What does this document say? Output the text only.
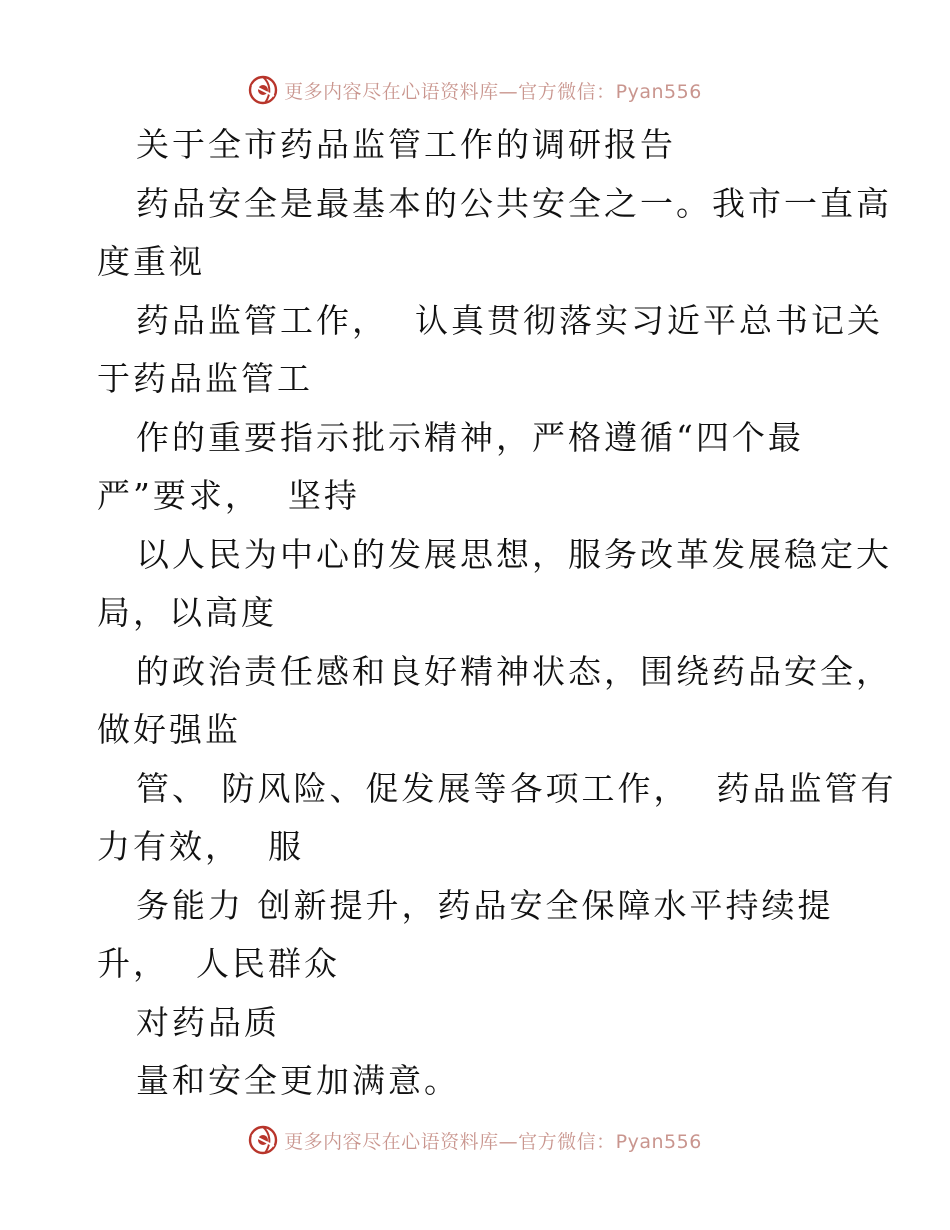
更多内容尽在心语资料库—官方微信：Pyan556
关于全市药品监管工作的调研报告
药品安全是最基本的公共安全之一。我市一直高
度重视
药品监管工作，  认真贯彻落实习近平总书记关
于药品监管工
作的重要指示批示精神，严格遵循“四个最
严”要求，  坚持
以人民为中心的发展思想，服务改革发展稳定大
局，以高度
的政治责任感和良好精神状态，围绕药品安全，
做好强监
管、 防风险、促发展等各项工作，  药品监管有
力有效，  服
务能力 创新提升，药品安全保障水平持续提
升，  人民群众
对药品质
量和安全更加满意。
更多内容尽在心语资料库—官方微信：Pyan556
